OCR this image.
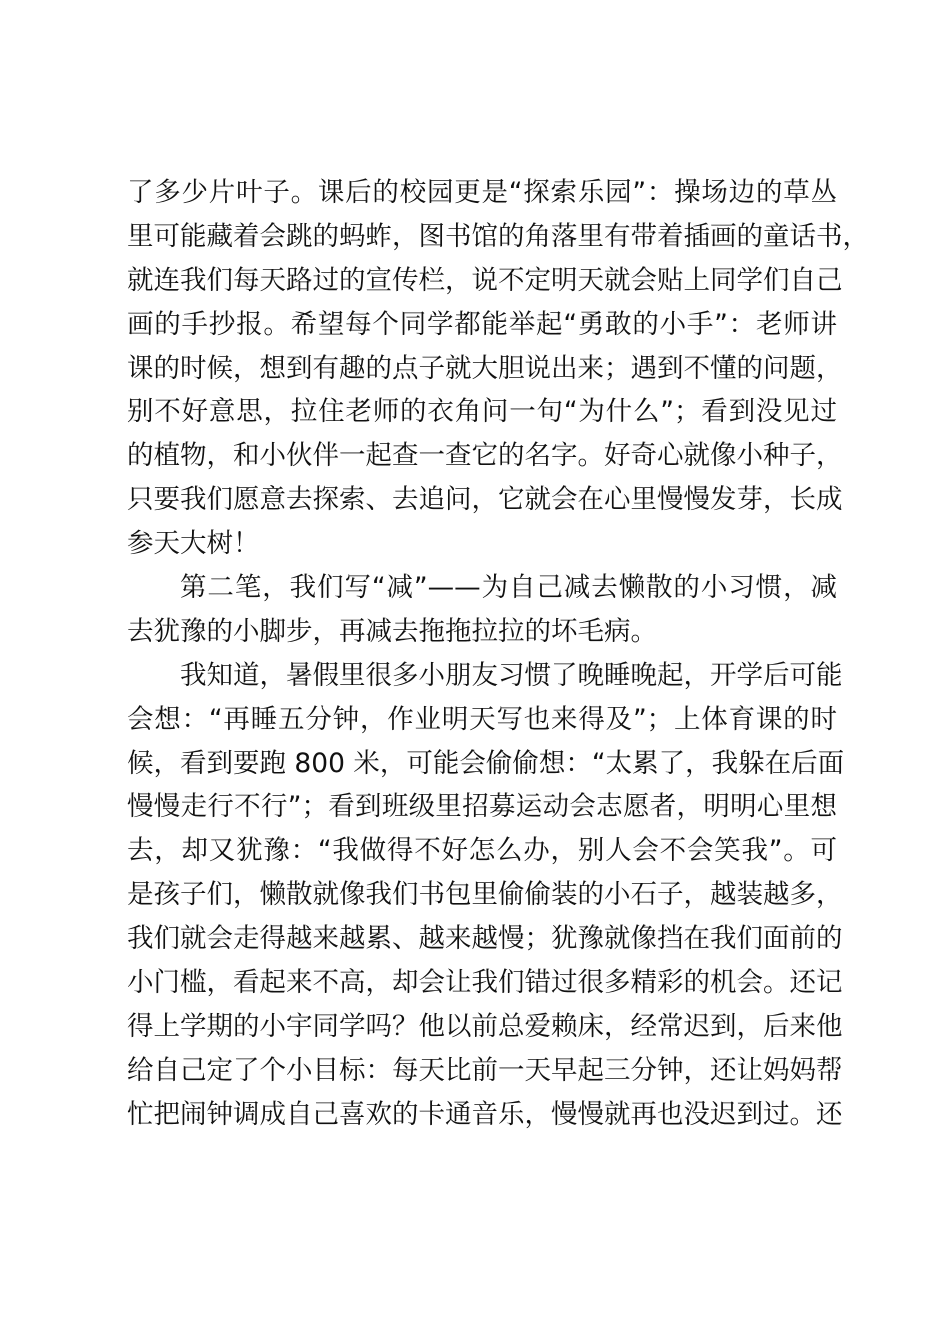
了多少片叶子。课后的校园更是“探索乐园”：操场边的草丛
里可能藏着会跳的蚂蚱，图书馆的角落里有带着插画的童话书，
就连我们每天路过的宣传栏，说不定明天就会贴上同学们自己
画的手抄报。希望每个同学都能举起“勇敢的小手”：老师讲
课的时候，想到有趣的点子就大胆说出来；遇到不懂的问题，
别不好意思，拉住老师的衣角问一句“为什么”；看到没见过
的植物，和小伙伴一起查一查它的名字。好奇心就像小种子，
只要我们愿意去探索、去追问，它就会在心里慢慢发芽，长成
参天大树！
第二笔，我们写“减”——为自己减去懒散的小习惯，减
去犹豫的小脚步，再减去拖拖拉拉的坏毛病。
我知道，暑假里很多小朋友习惯了晚睡晚起，开学后可能
会想：“再睡五分钟，作业明天写也来得及”；上体育课的时
候，看到要跑 800 米，可能会偷偷想：“太累了，我躲在后面
慢慢走行不行”；看到班级里招募运动会志愿者，明明心里想
去，却又犹豫：“我做得不好怎么办，别人会不会笑我”。可
是孩子们，懒散就像我们书包里偷偷装的小石子，越装越多，
我们就会走得越来越累、越来越慢；犹豫就像挡在我们面前的
小门槛，看起来不高，却会让我们错过很多精彩的机会。还记
得上学期的小宇同学吗？他以前总爱赖床，经常迟到，后来他
给自己定了个小目标：每天比前一天早起三分钟，还让妈妈帮
忙把闹钟调成自己喜欢的卡通音乐，慢慢就再也没迟到过。还
